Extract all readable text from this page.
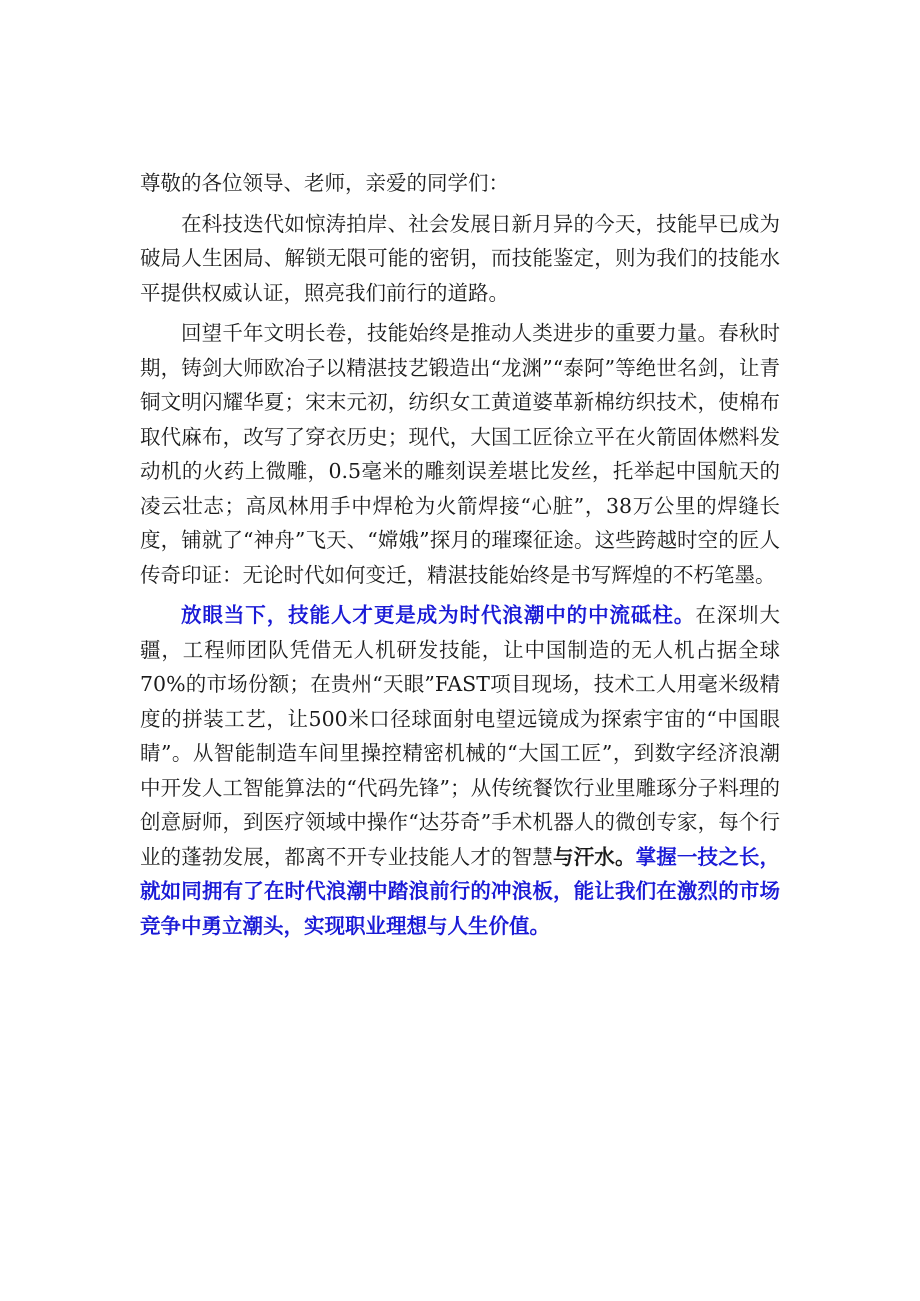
尊敬的各位领导、老师，亲爱的同学们：

在科技迭代如惊涛拍岸、社会发展日新月异的今天，技能早已成为破局人生困局、解锁无限可能的密钥，而技能鉴定，则为我们的技能水平提供权威认证，照亮我们前行的道路。

回望千年文明长卷，技能始终是推动人类进步的重要力量。春秋时期，铸剑大师欧冶子以精湛技艺锻造出“龙渊”“泰阿”等绝世名剑，让青铜文明闪耀华夏；宋末元初，纺织女工黄道婆革新棉纺织技术，使棉布取代麻布，改写了穿衣历史；现代，大国工匠徐立平在火箭固体燃料发动机的火药上微雕，0.5毫米的雕刻误差堪比发丝，托举起中国航天的凌云壮志；高凤林用手中焊枪为火箭焊接“心脏”，38万公里的焊缝长度，铺就了“神舟”飞天、“嫦娥”探月的璀璨征途。这些跨越时空的匠人传奇印证：无论时代如何变迁，精湛技能始终是书写辉煌的不朽笔墨。

放眼当下，技能人才更是成为时代浪潮中的中流砥柱。在深圳大疆，工程师团队凭借无人机研发技能，让中国制造的无人机占据全球70%的市场份额；在贵州“天眼”FAST项目现场，技术工人用毫米级精度的拼装工艺，让500米口径球面射电望远镜成为探索宇宙的“中国眼睛”。从智能制造车间里操控精密机械的“大国工匠”，到数字经济浪潮中开发人工智能算法的“代码先锋”；从传统餐饮行业里雕琢分子料理的创意厨师，到医疗领域中操作“达芬奇”手术机器人的微创专家，每个行业的蓬勃发展，都离不开专业技能人才的智慧与汗水。掌握一技之长，就如同拥有了在时代浪潮中踏浪前行的冲浪板，能让我们在激烈的市场竞争中勇立潮头，实现职业理想与人生价值。
